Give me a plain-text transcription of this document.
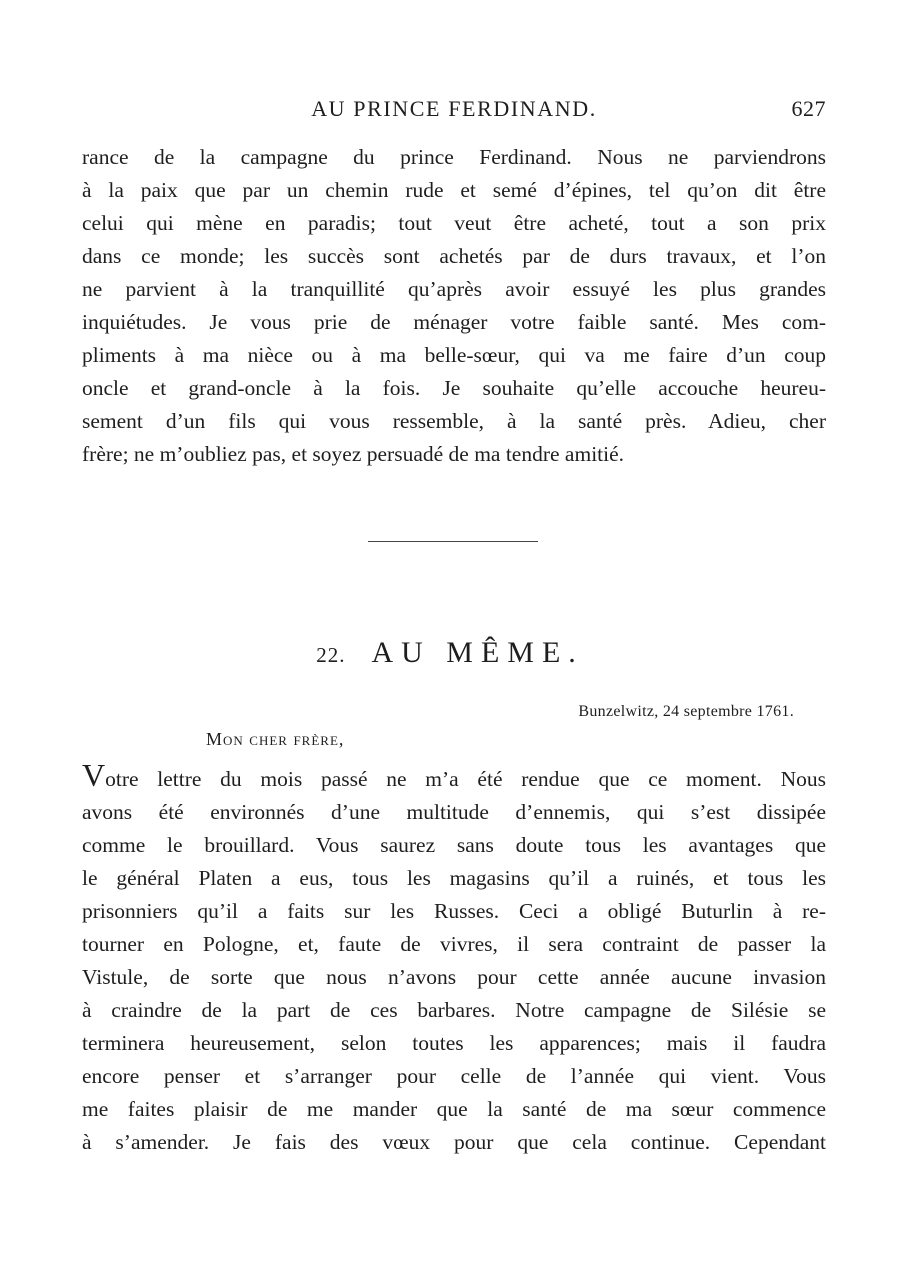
AU PRINCE FERDINAND.	627
rance de la campagne du prince Ferdinand. Nous ne parviendrons
à la paix que par un chemin rude et semé d’épines, tel qu’on dit être
celui qui mène en paradis; tout veut être acheté, tout a son prix
dans ce monde; les succès sont achetés par de durs travaux, et l’on
ne parvient à la tranquillité qu’après avoir essuyé les plus grandes
inquiétudes. Je vous prie de ménager votre faible santé. Mes com-
pliments à ma nièce ou à ma belle-sœur, qui va me faire d’un coup
oncle et grand-oncle à la fois. Je souhaite qu’elle accouche heureu-
sement d’un fils qui vous ressemble, à la santé près. Adieu, cher
frère; ne m’oubliez pas, et soyez persuadé de ma tendre amitié.
22. AU MÊME.
Bunzelwitz, 24 septembre 1761.
Mon cher frère,
Votre lettre du mois passé ne m’a été rendue que ce moment. Nous
avons été environnés d’une multitude d’ennemis, qui s’est dissipée
comme le brouillard. Vous saurez sans doute tous les avantages que
le général Platen a eus, tous les magasins qu’il a ruinés, et tous les
prisonniers qu’il a faits sur les Russes. Ceci a obligé Buturlin à re-
tourner en Pologne, et, faute de vivres, il sera contraint de passer la
Vistule, de sorte que nous n’avons pour cette année aucune invasion
à craindre de la part de ces barbares. Notre campagne de Silésie se
terminera heureusement, selon toutes les apparences; mais il faudra
encore penser et s’arranger pour celle de l’année qui vient. Vous
me faites plaisir de me mander que la santé de ma sœur commence
à s’amender. Je fais des vœux pour que cela continue. Cependant
